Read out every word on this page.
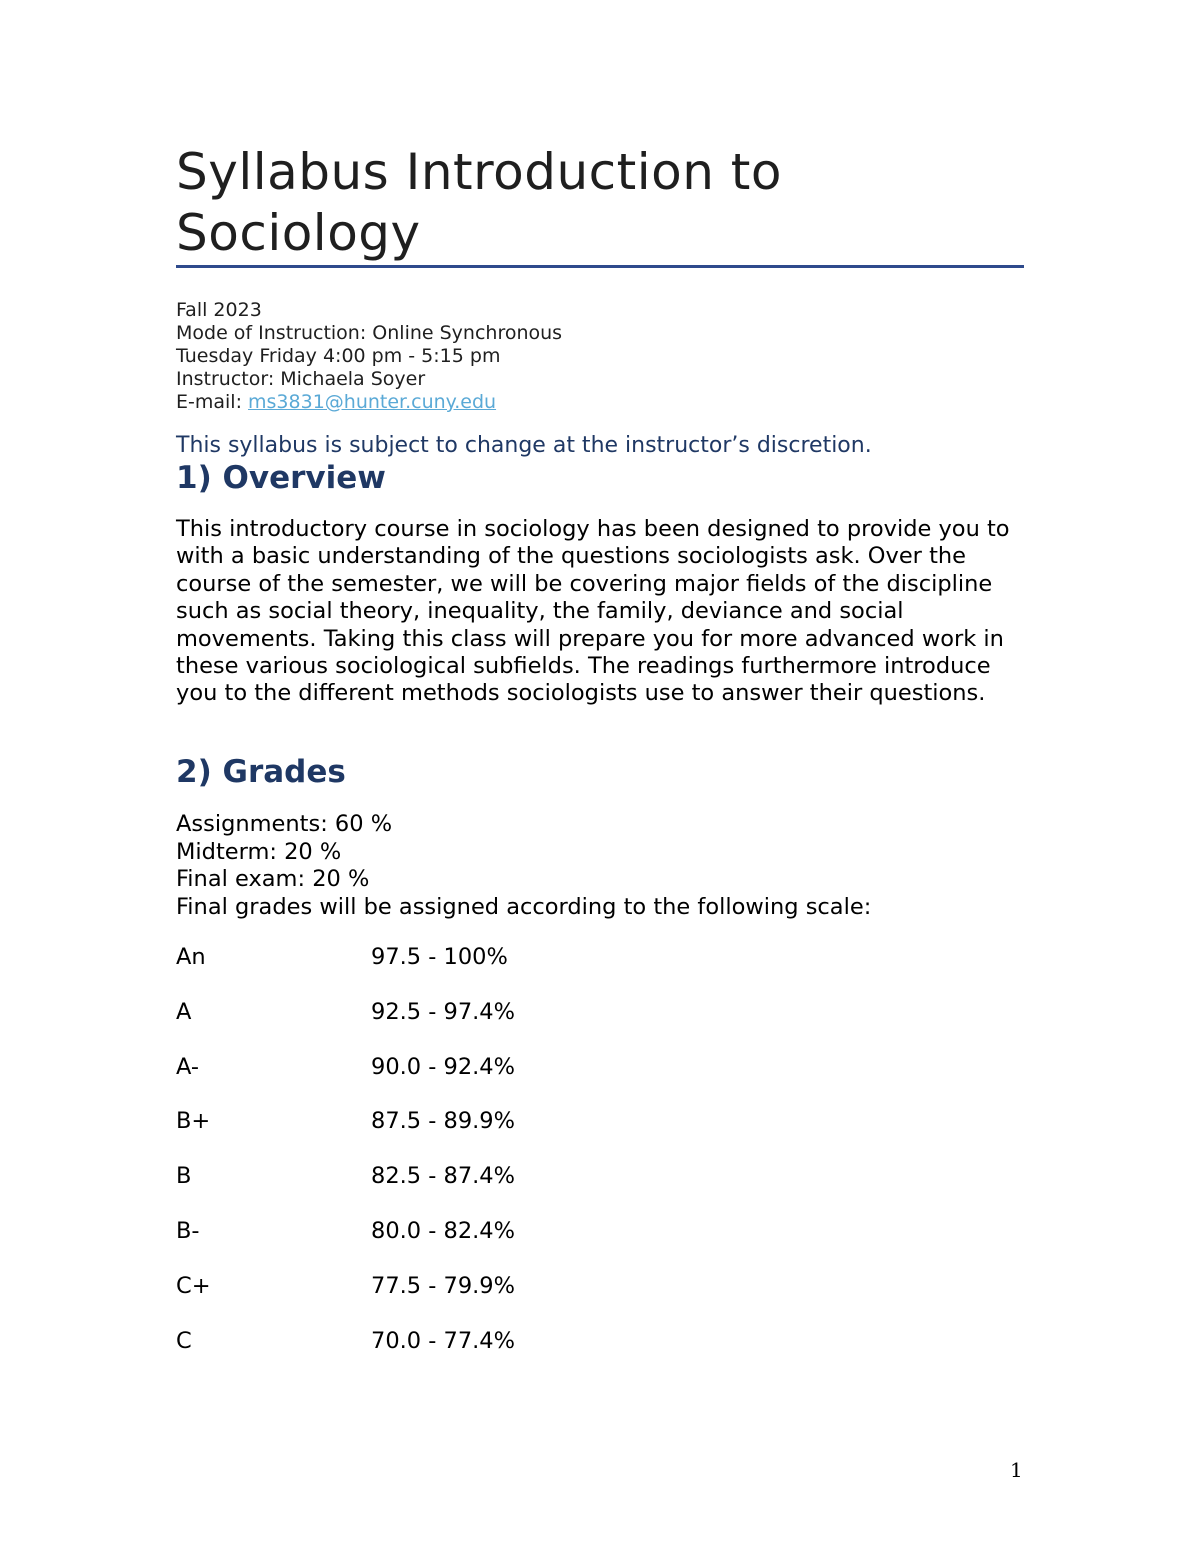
Syllabus Introduction to Sociology
Fall 2023
Mode of Instruction: Online Synchronous
Tuesday Friday 4:00 pm - 5:15 pm
Instructor: Michaela Soyer
E-mail: ms3831@hunter.cuny.edu

This syllabus is subject to change at the instructor’s discretion.

1) Overview

This introductory course in sociology has been designed to provide you to with a basic understanding of the questions sociologists ask. Over the course of the semester, we will be covering major fields of the discipline such as social theory, inequality, the family, deviance and social movements. Taking this class will prepare you for more advanced work in these various sociological subfields. The readings furthermore introduce you to the different methods sociologists use to answer their questions.

2) Grades
Assignments: 60 %
Midterm: 20 %
Final exam: 20 %
Final grades will be assigned according to the following scale:
An	97.5 - 100%
A	92.5 - 97.4%
A-	90.0 - 92.4%
B+	87.5 - 89.9%
B	82.5 - 87.4%
B-	80.0 - 82.4%
C+	77.5 - 79.9%
C	70.0 - 77.4%
1
